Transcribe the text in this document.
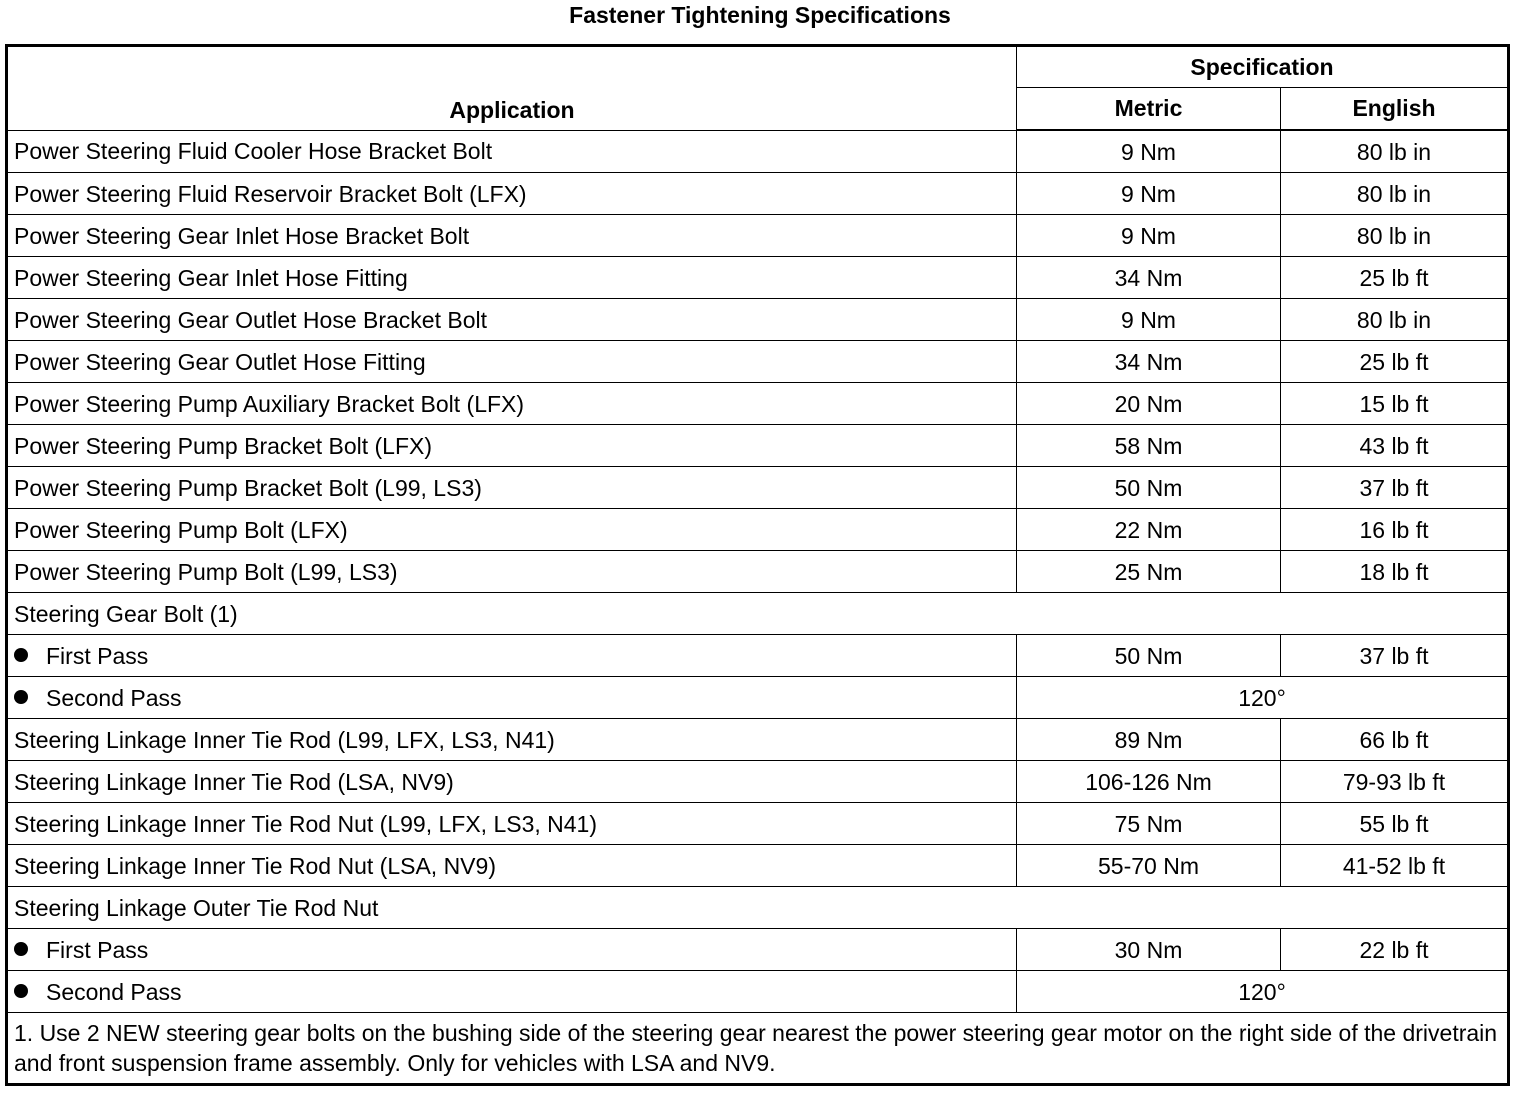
Fastener Tightening Specifications
Application	Specification	
	Metric	English
Power Steering Fluid Cooler Hose Bracket Bolt	9 Nm	80 lb in
Power Steering Fluid Reservoir Bracket Bolt (LFX)	9 Nm	80 lb in
Power Steering Gear Inlet Hose Bracket Bolt	9 Nm	80 lb in
Power Steering Gear Inlet Hose Fitting	34 Nm	25 lb ft
Power Steering Gear Outlet Hose Bracket Bolt	9 Nm	80 lb in
Power Steering Gear Outlet Hose Fitting	34 Nm	25 lb ft
Power Steering Pump Auxiliary Bracket Bolt (LFX)	20 Nm	15 lb ft
Power Steering Pump Bracket Bolt (LFX)	58 Nm	43 lb ft
Power Steering Pump Bracket Bolt (L99, LS3)	50 Nm	37 lb ft
Power Steering Pump Bolt (LFX)	22 Nm	16 lb ft
Power Steering Pump Bolt (L99, LS3)	25 Nm	18 lb ft
Steering Gear Bolt (1)		
First Pass	50 Nm	37 lb ft
Second Pass	120°	
Steering Linkage Inner Tie Rod (L99, LFX, LS3, N41)	89 Nm	66 lb ft
Steering Linkage Inner Tie Rod (LSA, NV9)	106-126 Nm	79-93 lb ft
Steering Linkage Inner Tie Rod Nut (L99, LFX, LS3, N41)	75 Nm	55 lb ft
Steering Linkage Inner Tie Rod Nut (LSA, NV9)	55-70 Nm	41-52 lb ft
Steering Linkage Outer Tie Rod Nut		
First Pass	30 Nm	22 lb ft
Second Pass	120°	
1. Use 2 NEW steering gear bolts on the bushing side of the steering gear nearest the power steering gear motor on the right side of the drivetrain and front suspension frame assembly. Only for vehicles with LSA and NV9.		
